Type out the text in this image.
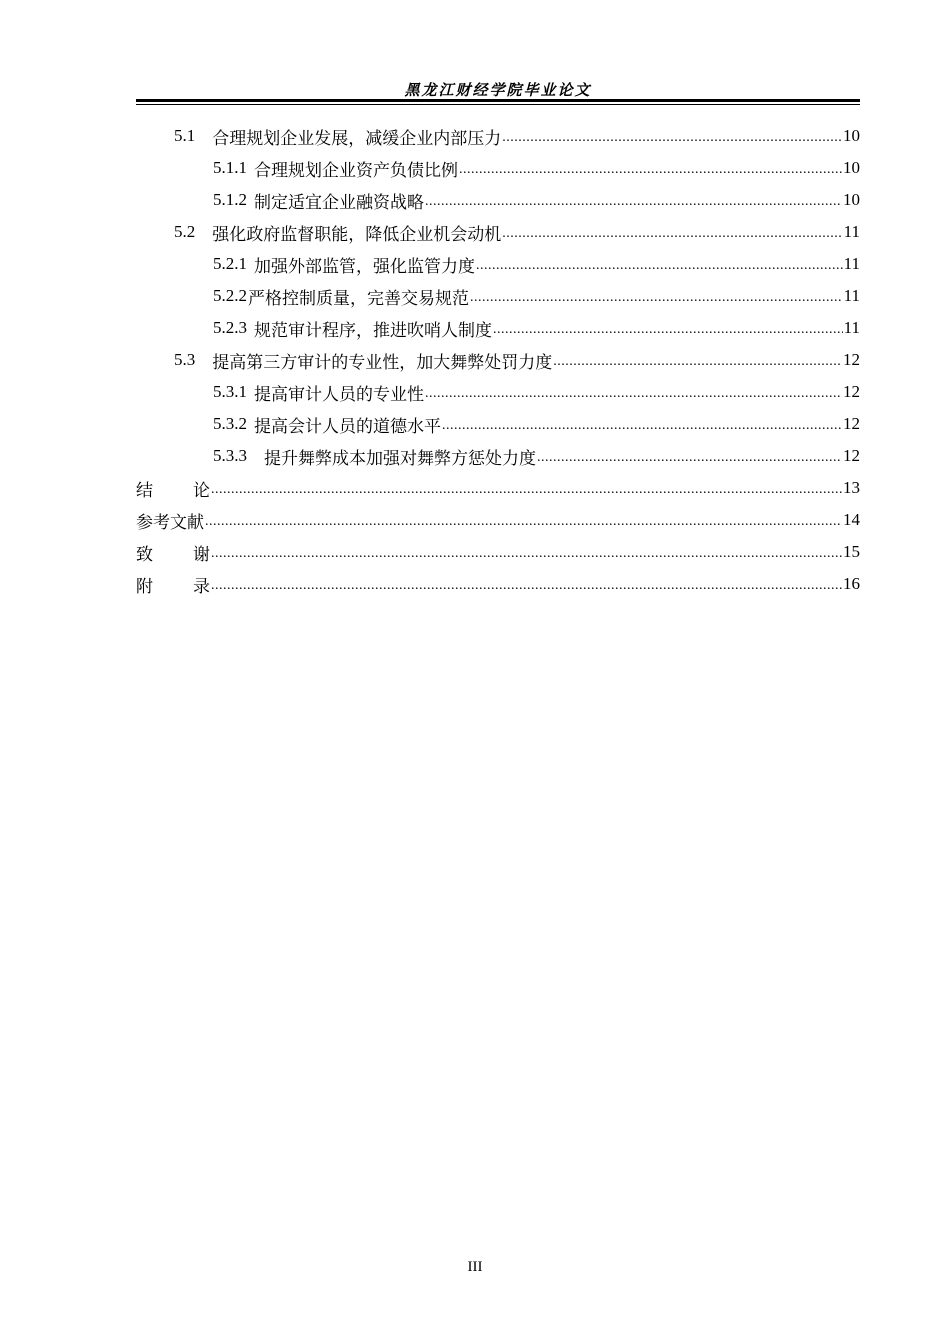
黑龙江财经学院毕业论文
5.1 合理规划企业发展，减缓企业内部压力 .....	10
5.1.1 合理规划企业资产负债比例 .....	10
5.1.2 制定适宜企业融资战略 .....	10
5.2 强化政府监督职能，降低企业机会动机 .....	11
5.2.1 加强外部监管，强化监管力度 .....	11
5.2.2 严格控制质量，完善交易规范 .....	11
5.2.3 规范审计程序，推进吹哨人制度 .....	11
5.3 提高第三方审计的专业性，加大舞弊处罚力度 .....	12
5.3.1 提高审计人员的专业性 .....	12
5.3.2 提高会计人员的道德水平 .....	12
5.3.3 提升舞弊成本加强对舞弊方惩处力度 .....	12
结论 .....	13
参考文献 .....	14
致谢 .....	15
附录 .....	16
III
